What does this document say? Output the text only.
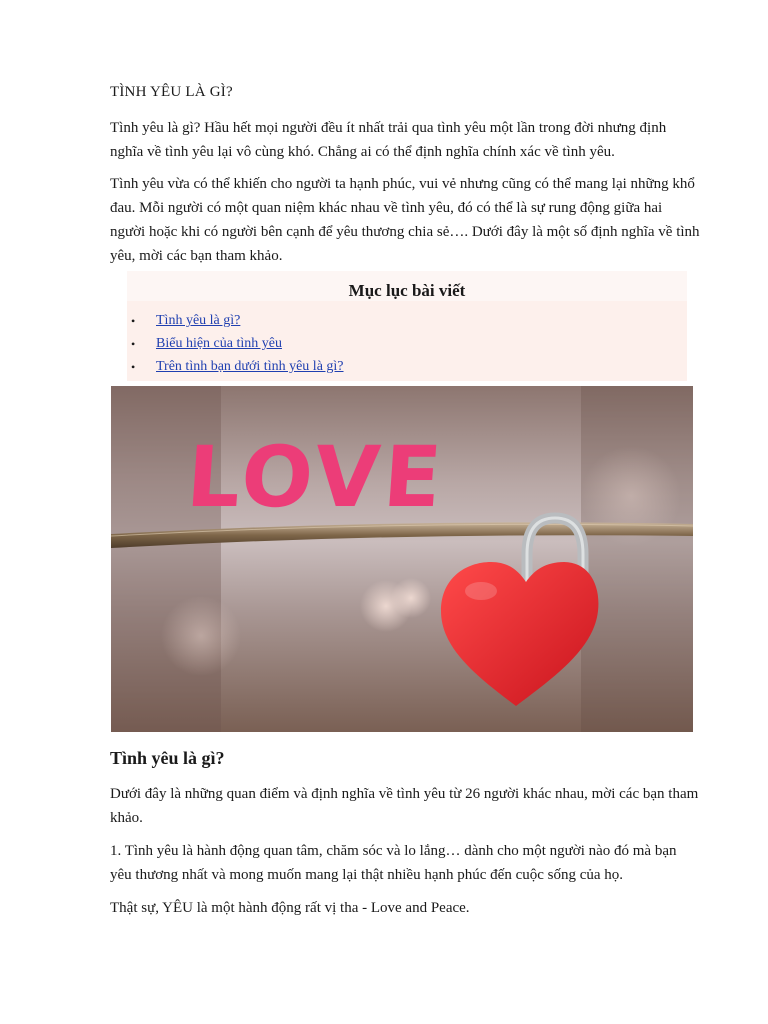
TÌNH YÊU LÀ GÌ?

Tình yêu là gì? Hầu hết mọi người đều ít nhất trải qua tình yêu một lần trong đời nhưng định nghĩa về tình yêu lại vô cùng khó. Chẳng ai có thể định nghĩa chính xác về tình yêu.

Tình yêu vừa có thể khiến cho người ta hạnh phúc, vui vẻ nhưng cũng có thể mang lại những khổ đau. Mỗi người có một quan niệm khác nhau về tình yêu, đó có thể là sự rung động giữa hai người hoặc khi có người bên cạnh để yêu thương chia sẻ…. Dưới đây là một số định nghĩa về tình yêu, mời các bạn tham khảo.

Mục lục bài viết
• Tình yêu là gì?
• Biểu hiện của tình yêu
• Trên tình bạn dưới tình yêu là gì?
LOVE
Tình yêu là gì?

Dưới đây là những quan điểm và định nghĩa về tình yêu từ 26 người khác nhau, mời các bạn tham khảo.

1. Tình yêu là hành động quan tâm, chăm sóc và lo lắng… dành cho một người nào đó mà bạn yêu thương nhất và mong muốn mang lại thật nhiều hạnh phúc đến cuộc sống của họ.

Thật sự, YÊU là một hành động rất vị tha - Love and Peace.
